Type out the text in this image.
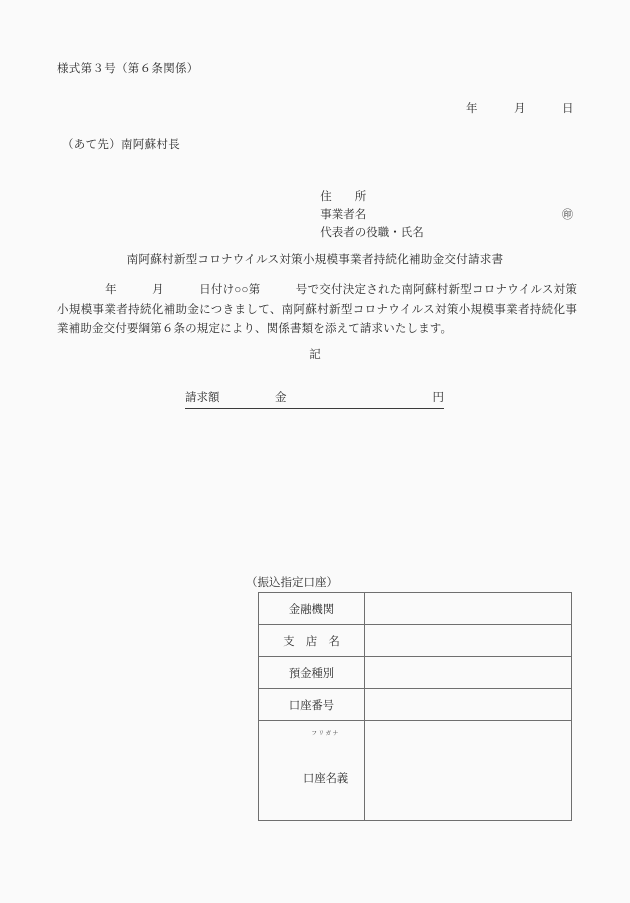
様式第３号（第６条関係）
年　　　月　　　日
（あて先）南阿蘇村長

住　　所

事業者名

代表者の役職・氏名

㊞

南阿蘇村新型コロナウイルス対策小規模事業者持続化補助金交付請求書
年　　　月　　　日付け○○第　　　号で交付決定された南阿蘇村新型コロナウイルス対策小規模事業者持続化補助金につきまして、南阿蘇村新型コロナウイルス対策小規模事業者持続化事業補助金交付要綱第６条の規定により、関係書類を添えて請求いたします。
記
請求額	金	円
（振込指定口座）
金融機関	
支　店　名	
預金種別	
口座番号	

フリガナ

口座名義	
